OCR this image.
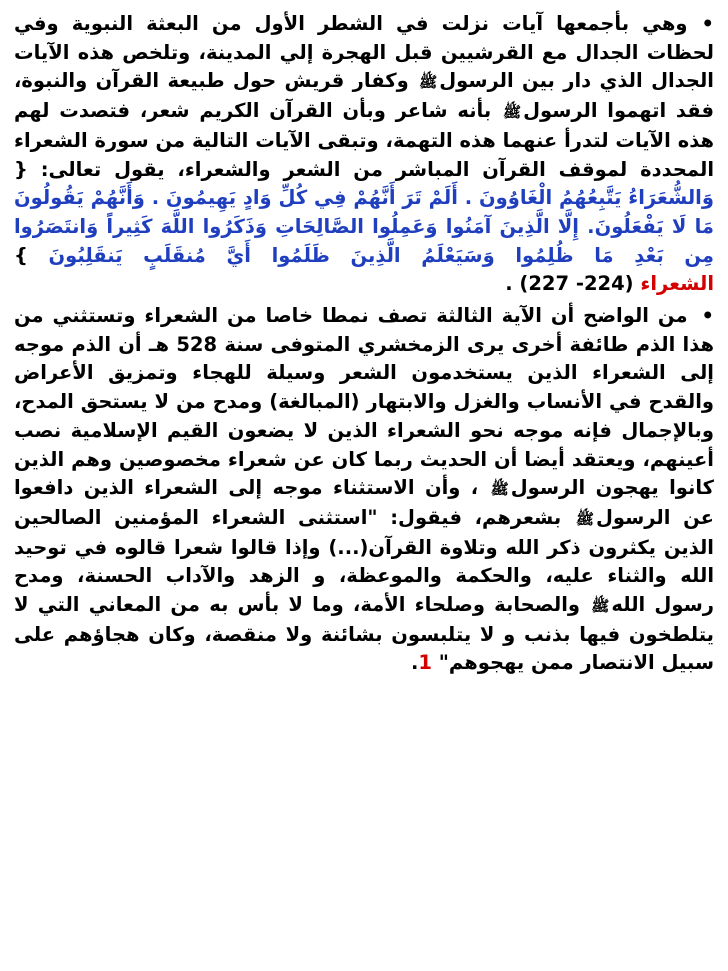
•وهي بأجمعها آيات نزلت في الشطر الأول من البعثة النبوية وفي لحظات الجدال مع القرشيين قبل الهجرة إلي المدينة، وتلخص هذه الآيات الجدال الذي دار بين الرسولﷺ وكفار قريش حول طبيعة القرآن والنبوة، فقد اتهموا الرسولﷺ بأنه شاعر وبأن القرآن الكريم شعر، فتصدت لهم هذه الآيات لتدرأ عنهما هذه التهمة، وتبقى الآيات التالية من سورة الشعراء المحددة لموقف القرآن المباشر من الشعر والشعراء، يقول تعالى: { وَالشُّعَرَاءُ يَتَّبِعُهُمُ الْغَاوُونَ . أَلَمْ تَرَ أَنَّهُمْ فِي كُلِّ وَادٍ يَهِيمُونَ . وَأَنَّهُمْ يَقُولُونَ مَا لَا يَفْعَلُونَ. إِلَّا الَّذِينَ آمَنُوا وَعَمِلُوا الصَّالِحَاتِ وَذَكَرُوا اللَّهَ كَثِيراً وَانتَصَرُوا مِن بَعْدِ مَا ظُلِمُوا وَسَيَعْلَمُ الَّذِينَ ظَلَمُوا أَيَّ مُنقَلَبٍ يَنقَلِبُونَ } الشعراء (224- 227) .

•من الواضح أن الآية الثالثة تصف نمطا خاصا من الشعراء وتستثني من هذا الذم طائفة أخرى يرى الزمخشري المتوفى سنة 528 هـ أن الذم موجه إلى الشعراء الذين يستخدمون الشعر وسيلة للهجاء وتمزيق الأعراض والقدح في الأنساب والغزل والابتهار (المبالغة) ومدح من لا يستحق المدح، وبالإجمال فإنه موجه نحو الشعراء الذين لا يضعون القيم الإسلامية نصب أعينهم، ويعتقد أيضا أن الحديث ربما كان عن شعراء مخصوصين وهم الذين كانوا يهجون الرسولﷺ ، وأن الاستثناء موجه إلى الشعراء الذين دافعوا عن الرسولﷺ بشعرهم، فيقول: "استثنى الشعراء المؤمنين الصالحين الذين يكثرون ذكر الله وتلاوة القرآن(...) وإذا قالوا شعرا قالوه في توحيد الله والثناء عليه، والحكمة والموعظة، و الزهد والآداب الحسنة، ومدح رسول اللهﷺ والصحابة وصلحاء الأمة، وما لا بأس به من المعاني التي لا يتلطخون فيها بذنب و لا يتلبسون بشائنة ولا منقصة، وكان هجاؤهم على سبيل الانتصار ممن يهجوهم" 1.
